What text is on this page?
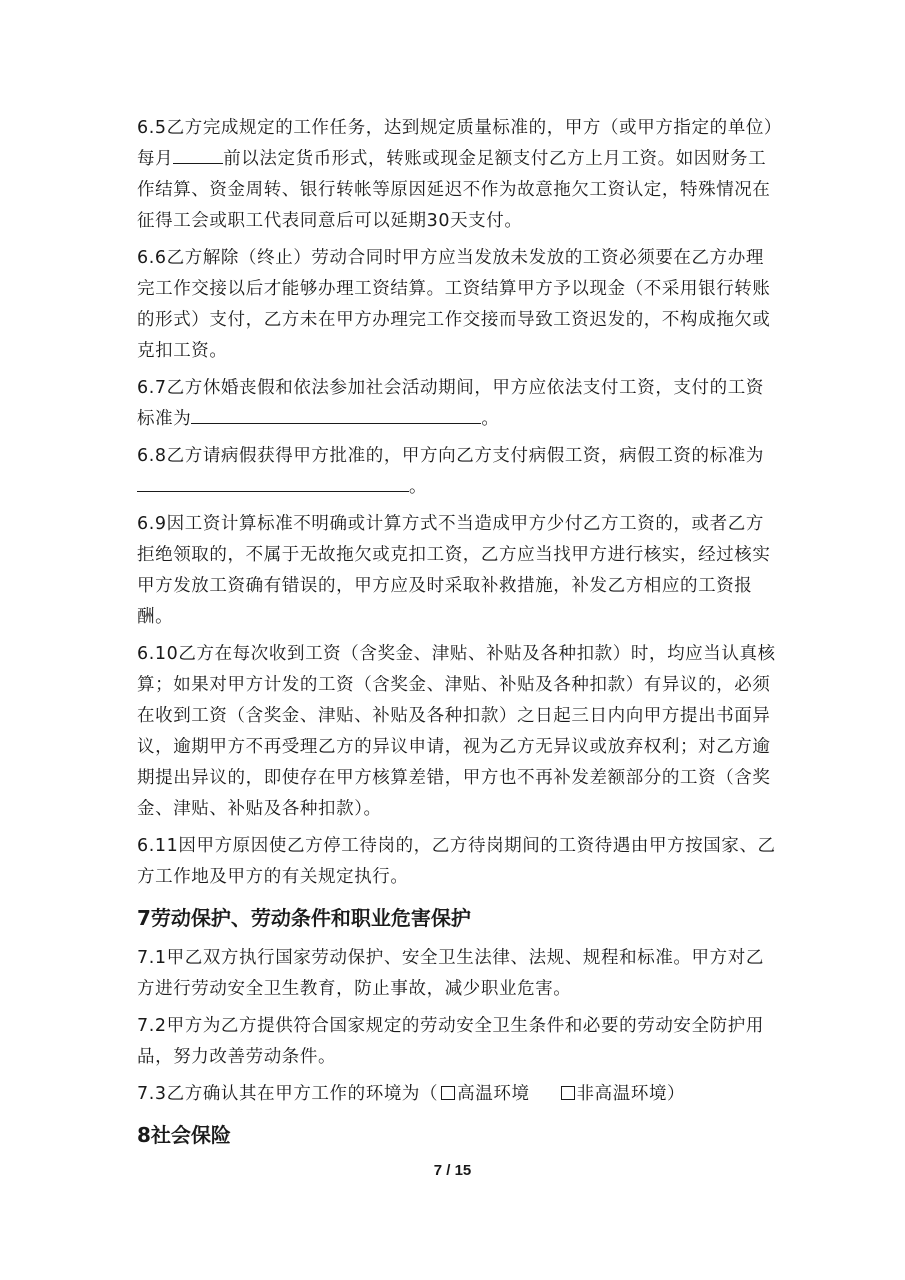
6.5乙方完成规定的工作任务，达到规定质量标准的，甲方（或甲方指定的单位）每月	前以法定货币形式，转账或现金足额支付乙方上月工资。如因财务工作结算、资金周转、银行转帐等原因延迟不作为故意拖欠工资认定，特殊情况在征得工会或职工代表同意后可以延期30天支付。

6.6乙方解除（终止）劳动合同时甲方应当发放未发放的工资必须要在乙方办理完工作交接以后才能够办理工资结算。工资结算甲方予以现金（不采用银行转账的形式）支付，乙方未在甲方办理完工作交接而导致工资迟发的，不构成拖欠或克扣工资。

6.7乙方休婚丧假和依法参加社会活动期间，甲方应依法支付工资，支付的工资标准为	。

6.8乙方请病假获得甲方批准的，甲方向乙方支付病假工资，病假工资的标准为。

6.9因工资计算标准不明确或计算方式不当造成甲方少付乙方工资的，或者乙方拒绝领取的，不属于无故拖欠或克扣工资，乙方应当找甲方进行核实，经过核实甲方发放工资确有错误的，甲方应及时采取补救措施，补发乙方相应的工资报酬。

6.10乙方在每次收到工资（含奖金、津贴、补贴及各种扣款）时，均应当认真核算；如果对甲方计发的工资（含奖金、津贴、补贴及各种扣款）有异议的，必须在收到工资（含奖金、津贴、补贴及各种扣款）之日起三日内向甲方提出书面异议，逾期甲方不再受理乙方的异议申请，视为乙方无异议或放弃权利；对乙方逾期提出异议的，即使存在甲方核算差错，甲方也不再补发差额部分的工资（含奖金、津贴、补贴及各种扣款）。

6.11因甲方原因使乙方停工待岗的，乙方待岗期间的工资待遇由甲方按国家、乙方工作地及甲方的有关规定执行。

7劳动保护、劳动条件和职业危害保护

7.1甲乙双方执行国家劳动保护、安全卫生法律、法规、规程和标准。甲方对乙方进行劳动安全卫生教育，防止事故，减少职业危害。

7.2甲方为乙方提供符合国家规定的劳动安全卫生条件和必要的劳动安全防护用品，努力改善劳动条件。

7.3乙方确认其在甲方工作的环境为（ 高温环境	非高温环境）

8社会保险
7 / 15
